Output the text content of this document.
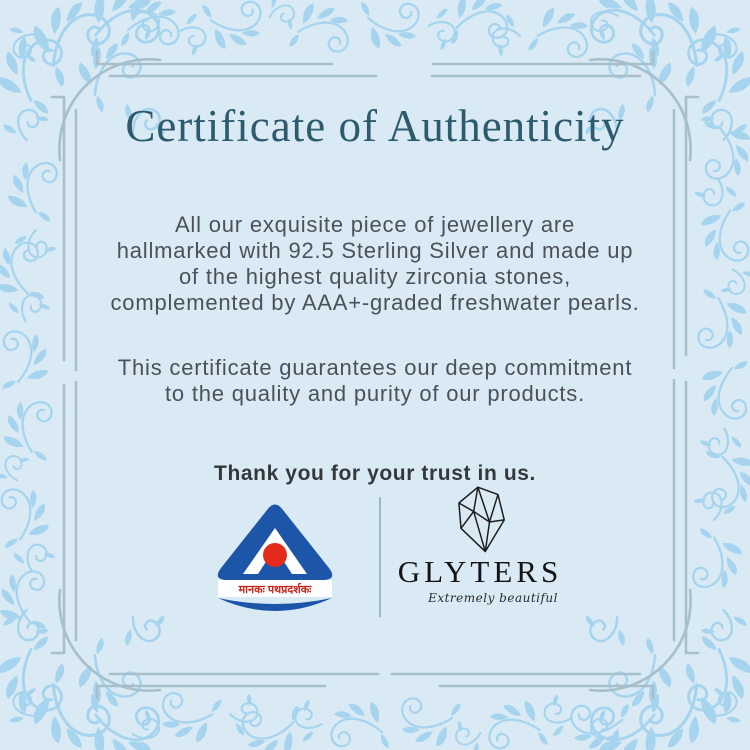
Certificate of Authenticity
All our exquisite piece of jewellery are
hallmarked with 92.5 Sterling Silver and made up
of the highest quality zirconia stones,
complemented by AAA+-graded freshwater pearls.
This certificate guarantees our deep commitment
to the quality and purity of our products.

Thank you for your trust in us.

मानकः पथप्रदर्शकः
GLYTERS
Extremely beautiful
